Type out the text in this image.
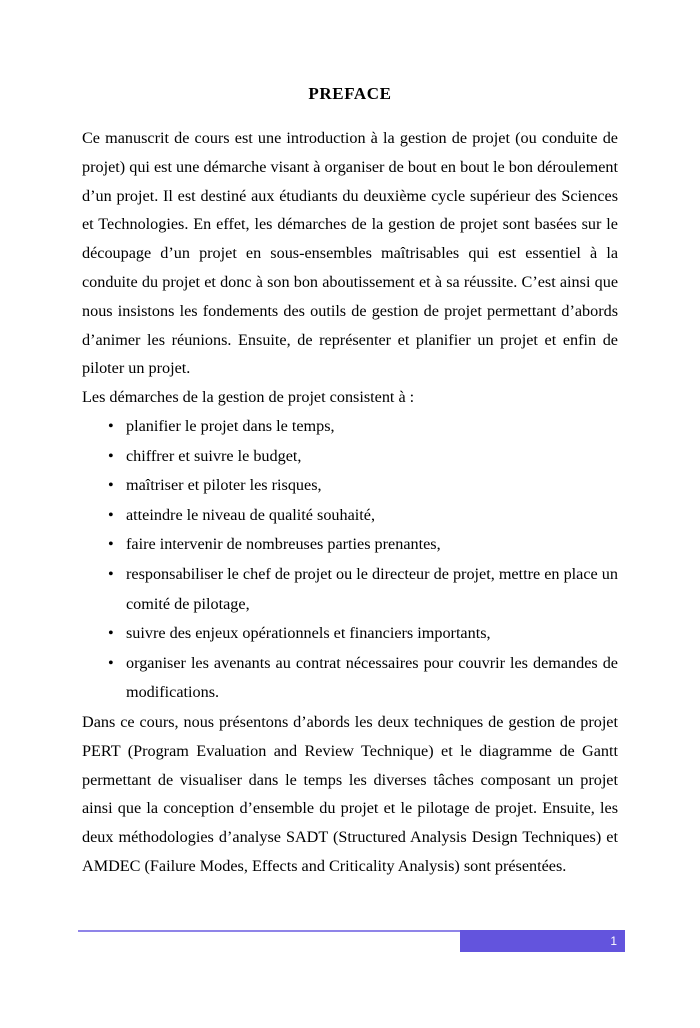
PREFACE

Ce manuscrit de cours est une introduction à la gestion de projet (ou conduite de projet) qui est une démarche visant à organiser de bout en bout le bon déroulement d’un projet. Il est destiné aux étudiants du deuxième cycle supérieur des Sciences et Technologies. En effet, les démarches de la gestion de projet sont basées sur le découpage d’un projet en sous-ensembles maîtrisables qui est essentiel à la conduite du projet et donc à son bon aboutissement et à sa réussite. C’est ainsi que nous insistons les fondements des outils de gestion de projet permettant d’abords d’animer les réunions. Ensuite, de représenter et planifier un projet et enfin de piloter un projet.

Les démarches de la gestion de projet consistent à :

• planifier le projet dans le temps,
• chiffrer et suivre le budget,
• maîtriser et piloter les risques,
• atteindre le niveau de qualité souhaité,
• faire intervenir de nombreuses parties prenantes,
• responsabiliser le chef de projet ou le directeur de projet, mettre en place un comité de pilotage,
• suivre des enjeux opérationnels et financiers importants,
• organiser les avenants au contrat nécessaires pour couvrir les demandes de modifications.

Dans ce cours, nous présentons d’abords les deux techniques de gestion de projet PERT (Program Evaluation and Review Technique) et le diagramme de Gantt permettant de visualiser dans le temps les diverses tâches composant un projet ainsi que la conception d’ensemble du projet et le pilotage de projet. Ensuite, les deux méthodologies d’analyse SADT (Structured Analysis Design Techniques) et AMDEC (Failure Modes, Effects and Criticality Analysis) sont présentées.

1
